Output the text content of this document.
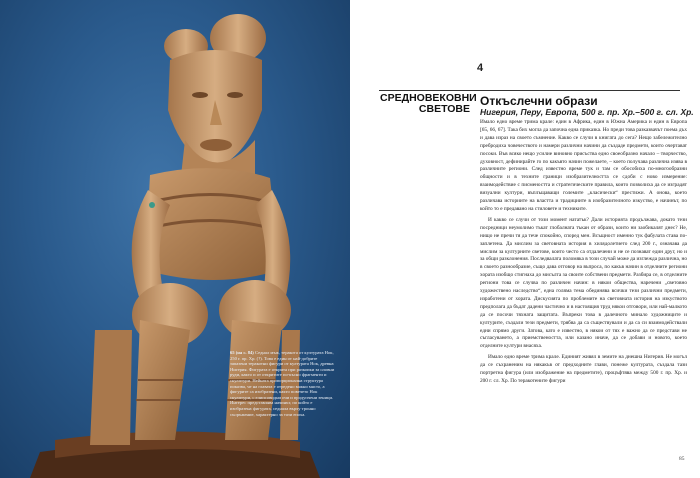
65 (на с. 84) Седнал мъж, теракота от културата Нок, 250 г. пр. Хр. (?). Това е един от най-добрите запазени теракотни фигури от културата Нок, древна Нигерия. Фигурата е открита при разкопки за оловни руди, както и от откритите по-късно фрагменти и скулптури. Нейната пропорционална структура показва, че на главата е отредено важно място, а фигурите са изобразени, както повечето Нок скулптури, с елипсовидни очи и продупчени зеници. Интерес представлява начинът, по който е изобразена фигурата, седнала върху тронно съоръжение, характерно за тази епоха.

4

СРЕДНОВЕКОВНИ
СВЕТОВЕ
Откъслечни образи
Нигерия, Перу, Европа, 500 г. пр. Хр.–500 г. сл. Хр.

Имало едно време трима крале: един в Африка, един в Южна Америка и един в Европа [65, 66, 67]. Така бих могла да започна една приказка. Но преди това разказвачът поема дъх и дава израз на своето съмнение. Какво се случи в книгата до сега? Нещо забележително пребродиха човечеството и намери различни начини да създаде предмети, които очертават посоки. Във всяко нещо усилие виновно присъства едно своеобразно начало – творчество, духовност, дефинирайте го по какъвто начин пожелаете, – което получава различна изява в различните региони. След известно време тук и там се обособиха по-многообразни общности и в техните граници изобразителността се сдоби с ново измерение: взаимодействие с писмеността и стратегическите правила, които позволиха да се изградят визуални култури, въплъщаващи големите „класически“ престижи. А онова, което различава историите на властта и традициите в изобразителното изкуство, е начинът, по който то е предавано на стиловете и техниките.

И какво се случи от този момент нататък? Дали историята продължава, докато тези посредници неумолимо тъкат глобалната тъкан от образи, които ни заобикалят днес? Не, нищо не пречи тя да тече спокойно, според мен. Всъщност именно тук фабулата става по-заплетена. Да мислим за световната история в хилядолетието след 200 г., означава да мислим за културните светове, които често са отдалечени и не се познават един друг, но и за общи разклонения. Последвалата поломяка в този случай може да изглежда различна, но в своето разнообразие, също дава отговор на въпроса, по какъв начин в отделните региони хората изобщо стигнаха до мисълта за своите собствени предмети. Разбира се, в отделните региони това се случва по различен начин: в някои общества, наречени „световно художествено наследство“, една голяма тема обединява всички тези различни предмети, изработени от хората. Дискусията по проблемите на световната история на изкуството предполага да бъдат дадени частично и в настоящия труд някои отговори, или най-малкото да се посочи тяхната защитата. Въпреки това в далечното минало художниците и културите, създали тези предмети, трябва да са съществували и да са си взаимодействали едни спрямо други. Затова, като е известно, в някои от тях е важно да се представи не съгласуването, а приемствеността, или казано иначе, да се добави и новото, което отделните култури внасяха.

Имало едно време трима крале. Единият живял в земите на днешна Нигерия. Не могъл да се съхраненим на някакъв от предходните глави, понеже културата, създала тази портретна фигура (или изображение на предметите), процъфтява между 500 г. пр. Хр. и 200 г. сл. Хр. По теракотените фигури

85
